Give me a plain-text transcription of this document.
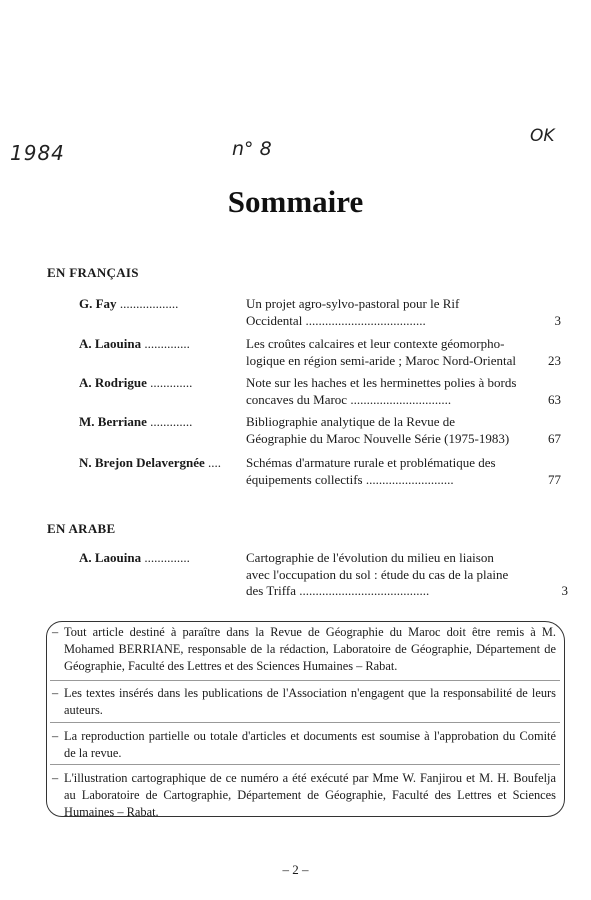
1984	n° 8
OK
Sommaire
EN FRANÇAIS
G. Fay ..................	Un projet agro-sylvo-pastoral pour le Rif
Occidental .....................................	3
A. Laouina ..............	Les croûtes calcaires et leur contexte géomorpho-
logique en région semi-aride ; Maroc Nord-Oriental	23
A. Rodrigue .............	Note sur les haches et les herminettes polies à bords
concaves du Maroc ...............................	63
M. Berriane .............	Bibliographie analytique de la Revue de
Géographie du Maroc Nouvelle Série (1975-1983)	67
N. Brejon Delavergnée ....	Schémas d'armature rurale et problématique des
équipements collectifs ...........................	77
EN ARABE
A. Laouina ..............	Cartographie de l'évolution du milieu en liaison
avec l'occupation du sol : étude du cas de la plaine
des Triffa ........................................	3
– Tout article destiné à paraître dans la Revue de Géographie du Maroc doit être remis à M. Mohamed BERRIANE, responsable de la rédaction, Laboratoire de Géographie, Département de Géographie, Faculté des Lettres et des Sciences Humaines – Rabat.
– Les textes insérés dans les publications de l'Association n'engagent que la responsabilité de leurs auteurs.
– La reproduction partielle ou totale d'articles et documents est soumise à l'approbation du Comité de la revue.
– L'illustration cartographique de ce numéro a été exécuté par Mme W. Fanjirou et M. H. Boufelja au Laboratoire de Cartographie, Département de Géographie, Faculté des Lettres et Sciences Humaines – Rabat.
– 2 –
